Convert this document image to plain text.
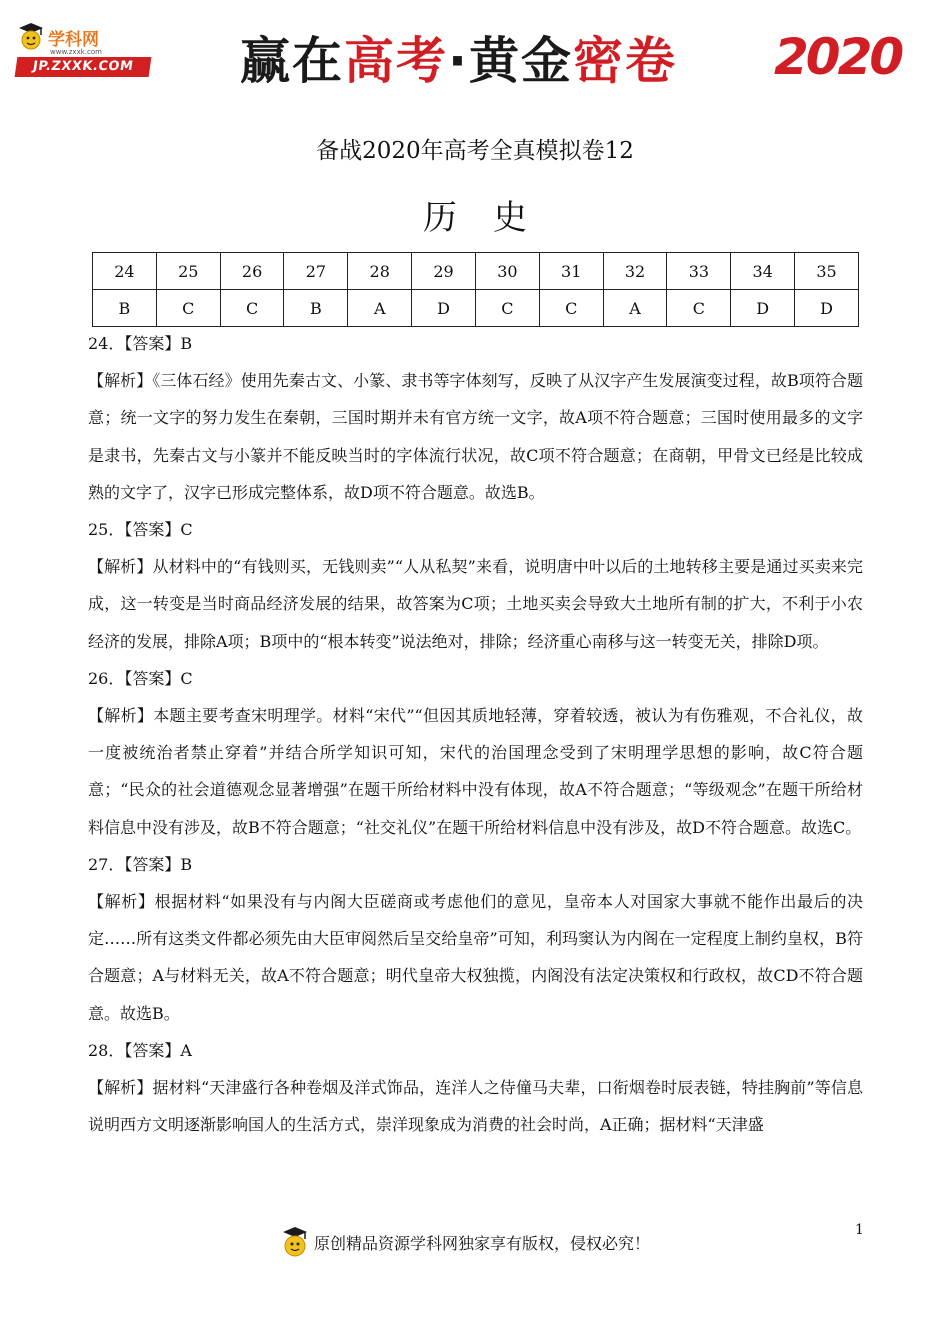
学科网
www.zxxk.com
JP.ZXXK.COM	赢在 高考 ·黄金 密卷 2020
备战2020年高考全真模拟卷12
历史
24	25	26	27	28	29	30	31	32	33	34	35
B	C	C	B	A	D	C	C	A	C	D	D

24．【答案】B

【解析】《三体石经》使用先秦古文、小篆、隶书等字体刻写，反映了从汉字产生发展演变过程，故B项符合题意；统一文字的努力发生在秦朝，三国时期并未有官方统一文字，故A项不符合题意；三国时使用最多的文字是隶书，先秦古文与小篆并不能反映当时的字体流行状况，故C项不符合题意；在商朝，甲骨文已经是比较成熟的文字了，汉字已形成完整体系，故D项不符合题意。故选B。

25．【答案】C

【解析】从材料中的“有钱则买，无钱则卖”“人从私契”来看，说明唐中叶以后的土地转移主要是通过买卖来完成，这一转变是当时商品经济发展的结果，故答案为C项；土地买卖会导致大土地所有制的扩大，不利于小农经济的发展，排除A项；B项中的“根本转变”说法绝对，排除；经济重心南移与这一转变无关，排除D项。

26．【答案】C

【解析】本题主要考查宋明理学。材料“宋代”“但因其质地轻薄，穿着较透，被认为有伤雅观，不合礼仪，故一度被统治者禁止穿着”并结合所学知识可知，宋代的治国理念受到了宋明理学思想的影响，故C符合题意；“民众的社会道德观念显著增强”在题干所给材料中没有体现，故A不符合题意；“等级观念”在题干所给材料信息中没有涉及，故B不符合题意；“社交礼仪”在题干所给材料信息中没有涉及，故D不符合题意。故选C。

27．【答案】B

【解析】根据材料“如果没有与内阁大臣磋商或考虑他们的意见，皇帝本人对国家大事就不能作出最后的决定……所有这类文件都必须先由大臣审阅然后呈交给皇帝”可知，利玛窦认为内阁在一定程度上制约皇权，B符合题意；A与材料无关，故A不符合题意；明代皇帝大权独揽，内阁没有法定决策权和行政权，故CD不符合题意。故选B。

28．【答案】A

【解析】据材料“天津盛行各种卷烟及洋式饰品，连洋人之侍僮马夫辈，口衔烟卷时辰表链，特挂胸前”等信息说明西方文明逐渐影响国人的生活方式，崇洋现象成为消费的社会时尚，A正确；据材料“天津盛

1
原创精品资源学科网独家享有版权，侵权必究！
